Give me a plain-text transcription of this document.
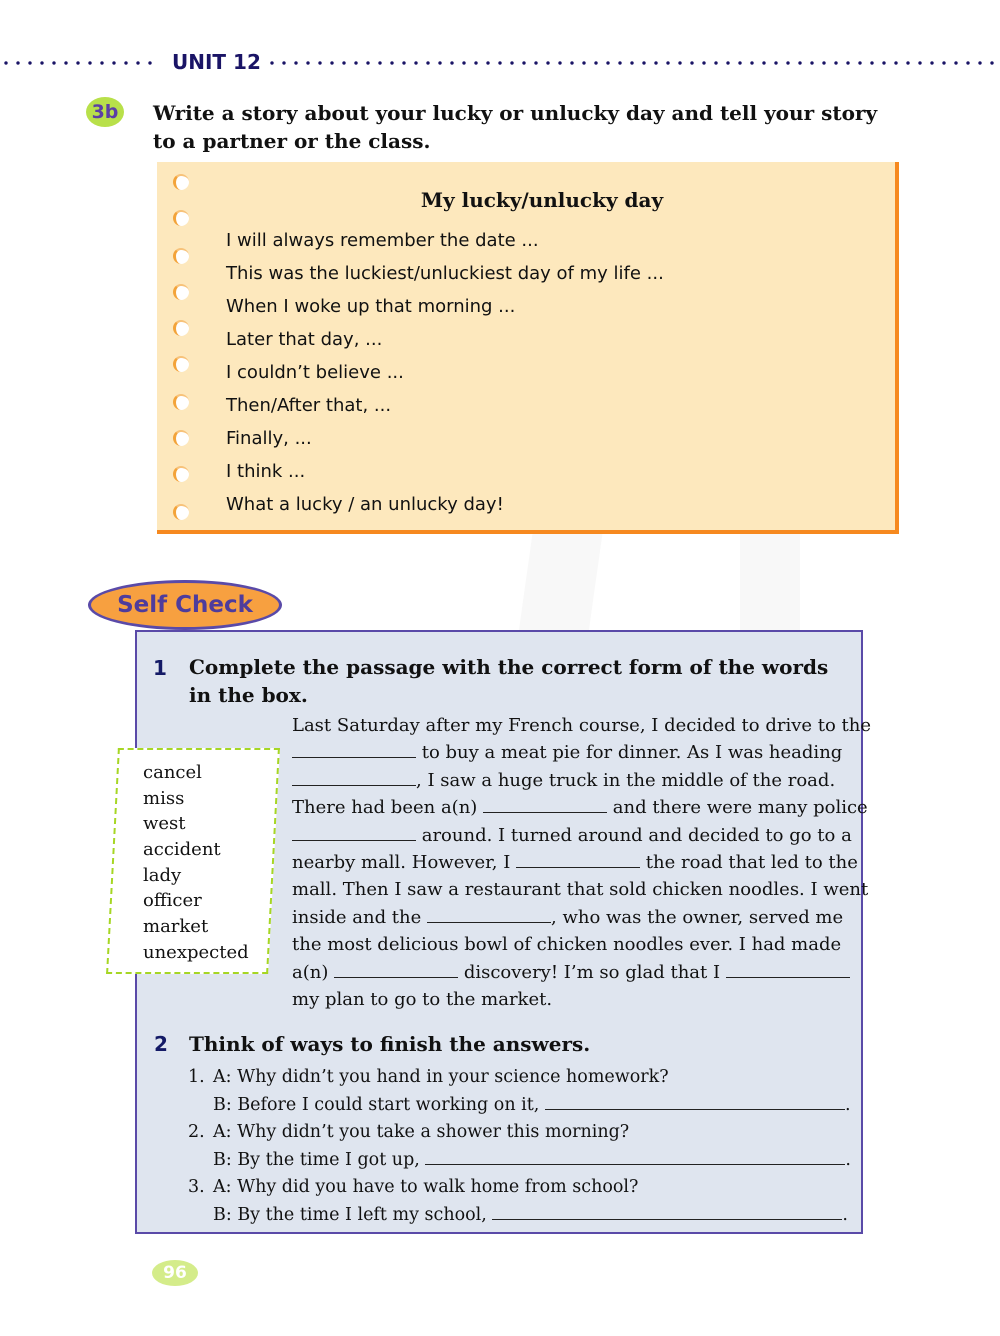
UNIT 12
3b Write a story about your lucky or unlucky day and tell your story to a partner or the class.
My lucky/unlucky day
I will always remember the date ...
This was the luckiest/unluckiest day of my life ...
When I woke up that morning ...
Later that day, ...
I couldn’t believe ...
Then/After that, ...
Finally, ...
I think ...
What a lucky / an unlucky day!
Self Check
1 Complete the passage with the correct form of the words in the box.
2 Think of ways to finish the answers.
cancel
miss
west
accident
lady
officer
market
unexpected
Last Saturday after my French course, I decided to drive to the
to buy a meat pie for dinner. As I was heading
, I saw a huge truck in the middle of the road.
There had been a(n)	and there were many police
around. I turned around and decided to go to a
nearby mall. However, I	the road that led to the
mall. Then I saw a restaurant that sold chicken noodles. I went
inside and the	, who was the owner, served me
the most delicious bowl of chicken noodles ever. I had made
a(n)	discovery! I’m so glad that I
my plan to go to the market.
1. A: Why didn’t you hand in your science homework?
B: Before I could start working on it,	.
2. A: Why didn’t you take a shower this morning?
B: By the time I got up,	.
3. A: Why did you have to walk home from school?
B: By the time I left my school,	.
96
